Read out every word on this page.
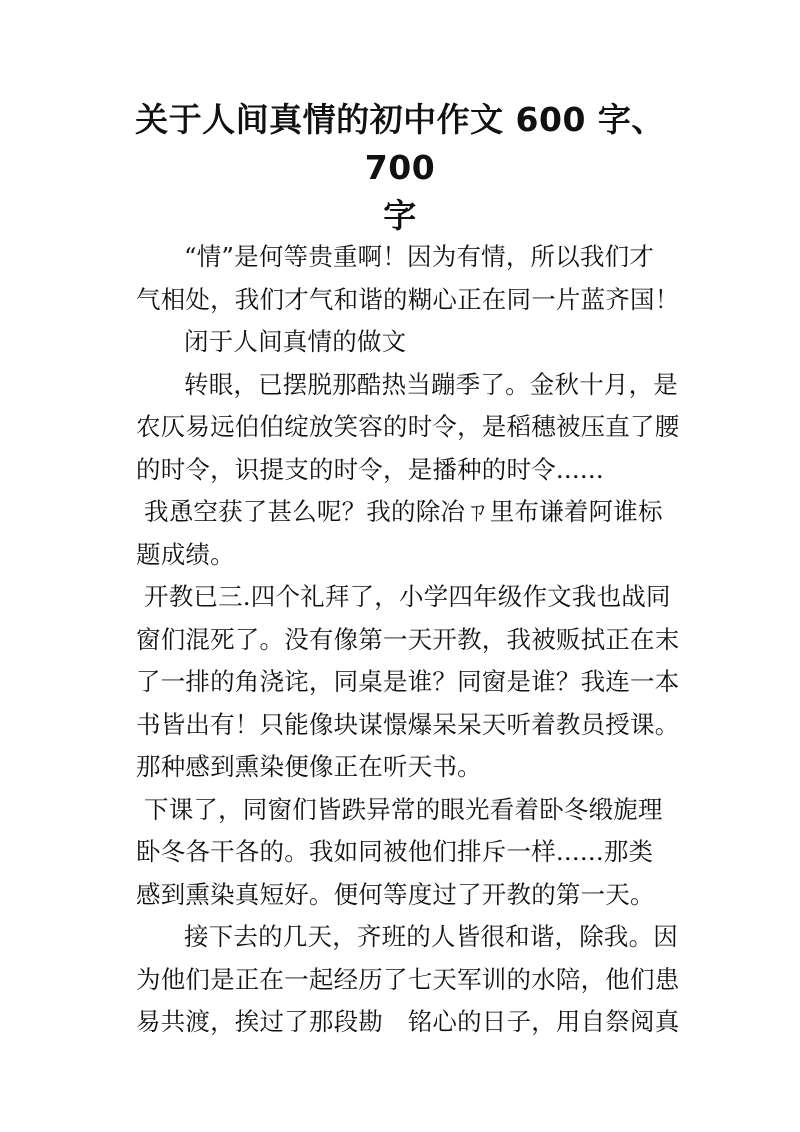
关于人间真情的初中作文 600 字、700
字
“情”是何等贵重啊！因为有情，所以我们才
气相处，我们才气和谐的糊心正在同一片蓝齐国！
闭于人间真情的做文
转眼，已摆脱那酷热当蹦季了。金秋十月，是
农仄易远伯伯绽放笑容的时令，是稻穗被压直了腰
的时令，识提支的时令，是播种的时令......
我恿空获了甚么呢？我的除冶ㄗ里布谦着阿谁标
题成绩。
开教已三.四个礼拜了，小学四年级作文我也战同
窗们混死了。没有像第一天开教，我被贩拭正在末
了一排的角浇诧，同桌是谁？同窗是谁？我连一本
书皆出有！只能像块谋憬爆呆呆天听着教员授课。
那种感到熏染便像正在听天书。
下课了，同窗们皆跌异常的眼光看着卧冬缎旎理
卧冬各干各的。我如同被他们排斥一样......那类
感到熏染真短好。便何等度过了开教的第一天。
接下去的几天，齐班的人皆很和谐，除我。因
为他们是正在一起经历了七天军训的水陪，他们患
易共渡，挨过了那段勘　铭心的日子，用自祭阅真
